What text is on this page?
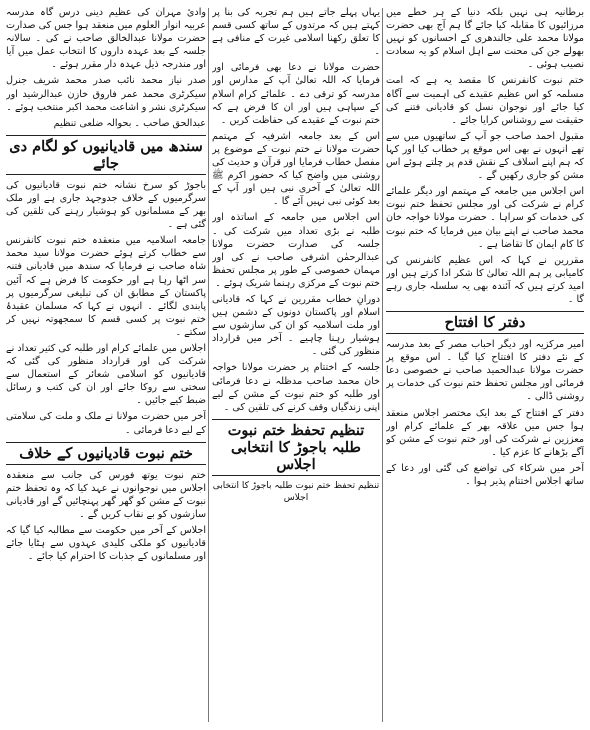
برطانیہ ہی نہیں بلکہ دنیا کے ہر خطے میں مرزائیوں کا مقابلہ کیا جائے گا ہم آج بھی حضرت مولانا محمد علی جالندھری کے احسانوں کو نہیں بھولے جن کی محنت سے اہل اسلام کو یہ سعادت نصیب ہوئی ۔

ختم نبوت کانفرنس کا مقصد یہ ہے کہ امت مسلمہ کو اس عظیم عقیدے کی اہمیت سے آگاہ کیا جائے اور نوجوان نسل کو قادیانی فتنے کی حقیقت سے روشناس کرایا جائے ۔

مقبول احمد صاحب جو آپ کے ساتھیوں میں سے تھے انہوں نے بھی اس موقع پر خطاب کیا اور کہا کہ ہم اپنے اسلاف کے نقش قدم پر چلتے ہوئے اس مشن کو جاری رکھیں گے ۔

اس اجلاس میں جامعہ کے مہتمم اور دیگر علمائے کرام نے شرکت کی اور مجلس تحفظ ختم نبوت کی خدمات کو سراہا ۔ حضرت مولانا خواجہ خان محمد صاحب نے اپنے بیان میں فرمایا کہ ختم نبوت کا کام ایمان کا تقاضا ہے ۔

مقررین نے کہا کہ اس عظیم کانفرنس کی کامیابی پر ہم اللہ تعالیٰ کا شکر ادا کرتے ہیں اور امید کرتے ہیں کہ آئندہ بھی یہ سلسلہ جاری رہے گا ۔

دفتر کا افتتاح

امیر مرکزیہ اور دیگر احباب مصر کے بعد مدرسہ کے نئے دفتر کا افتتاح کیا گیا ۔ اس موقع پر حضرت مولانا عبدالحمید صاحب نے خصوصی دعا فرمائی اور مجلس تحفظ ختم نبوت کی خدمات پر روشنی ڈالی ۔

دفتر کے افتتاح کے بعد ایک مختصر اجلاس منعقد ہوا جس میں علاقہ بھر کے علمائے کرام اور معززین نے شرکت کی اور ختم نبوت کے مشن کو آگے بڑھانے کا عزم کیا ۔

آخر میں شرکاء کی تواضع کی گئی اور دعا کے ساتھ اجلاس اختتام پذیر ہوا ۔

یہاں پہلے جاتے ہیں ہم تجربہ کی بنا پر کہتے ہیں کہ مرتدوں کے ساتھ کسی قسم کا تعلق رکھنا اسلامی غیرت کے منافی ہے ۔

حضرت مولانا نے دعا بھی فرمائی اور فرمایا کہ اللہ تعالیٰ آپ کے مدارس اور مدرسہ کو ترقی دے ۔ علمائے کرام اسلام کے سپاہی ہیں اور ان کا فرض ہے کہ ختم نبوت کے عقیدے کی حفاظت کریں ۔

اس کے بعد جامعہ اشرفیہ کے مہتمم حضرت مولانا نے ختم نبوت کے موضوع پر مفصل خطاب فرمایا اور قرآن و حدیث کی روشنی میں واضح کیا کہ حضور اکرم ﷺ اللہ تعالیٰ کے آخری نبی ہیں اور آپ کے بعد کوئی نبی نہیں آئے گا ۔

اس اجلاس میں جامعہ کے اساتذہ اور طلبہ نے بڑی تعداد میں شرکت کی ۔ جلسہ کی صدارت حضرت مولانا عبدالرحمٰن اشرفی صاحب نے کی اور مہمان خصوصی کے طور پر مجلس تحفظ ختم نبوت کے مرکزی رہنما شریک ہوئے ۔

دورانِ خطاب مقررین نے کہا کہ قادیانی اسلام اور پاکستان دونوں کے دشمن ہیں اور ملت اسلامیہ کو ان کی سازشوں سے ہوشیار رہنا چاہیے ۔ آخر میں قرارداد منظور کی گئی ۔

جلسہ کے اختتام پر حضرت مولانا خواجہ خان محمد صاحب مدظلہ نے دعا فرمائی اور طلبہ کو ختم نبوت کے مشن کے لیے اپنی زندگیاں وقف کرنے کی تلقین کی ۔

تنظیم تحفظ ختم نبوت طلبہ باجوڑ کا انتخابی اجلاس
تنظیم تحفظ ختم نبوت طلبہ باجوڑ کا انتخابی اجلاس

وادیٔ مہران کی عظیم دینی درس گاہ مدرسہ عربیہ انوار العلوم میں منعقد ہوا جس کی صدارت حضرت مولانا عبدالخالق صاحب نے کی ۔ سالانہ جلسہ کے بعد عہدہ داروں کا انتخاب عمل میں آیا اور مندرجہ ذیل عہدہ دار مقرر ہوئے ۔

صدر نیاز محمد نائب صدر محمد شریف جنرل سیکرٹری محمد عمر فاروق خازن عبدالرشید اور سیکرٹری نشر و اشاعت محمد اکبر منتخب ہوئے ۔

عبدالحق صاحب ۔ بحوالہ ضلعی تنظیم

سندھ میں قادیانیوں کو لگام دی جائے

باجوڑ کو سرخ نشانہ ختم نبوت قادیانیوں کی سرگرمیوں کے خلاف جدوجہد جاری ہے اور ملک بھر کے مسلمانوں کو ہوشیار رہنے کی تلقین کی گئی ہے ۔

جامعہ اسلامیہ میں منعقدہ ختم نبوت کانفرنس سے خطاب کرتے ہوئے حضرت مولانا سید محمد شاہ صاحب نے فرمایا کہ سندھ میں قادیانی فتنہ سر اٹھا رہا ہے اور حکومت کا فرض ہے کہ آئین پاکستان کے مطابق ان کی تبلیغی سرگرمیوں پر پابندی لگائے ۔ انہوں نے کہا کہ مسلمان عقیدۂ ختم نبوت پر کسی قسم کا سمجھوتہ نہیں کر سکتے ۔

اجلاس میں علمائے کرام اور طلبہ کی کثیر تعداد نے شرکت کی اور قرارداد منظور کی گئی کہ قادیانیوں کو اسلامی شعائر کے استعمال سے سختی سے روکا جائے اور ان کی کتب و رسائل ضبط کیے جائیں ۔

آخر میں حضرت مولانا نے ملک و ملت کی سلامتی کے لیے دعا فرمائی ۔

ختم نبوت قادیانیوں کے خلاف

ختم نبوت یوتھ فورس کی جانب سے منعقدہ اجلاس میں نوجوانوں نے عہد کیا کہ وہ تحفظ ختم نبوت کے مشن کو گھر گھر پہنچائیں گے اور قادیانی سازشوں کو بے نقاب کریں گے ۔

اجلاس کے آخر میں حکومت سے مطالبہ کیا گیا کہ قادیانیوں کو ملکی کلیدی عہدوں سے ہٹایا جائے اور مسلمانوں کے جذبات کا احترام کیا جائے ۔
